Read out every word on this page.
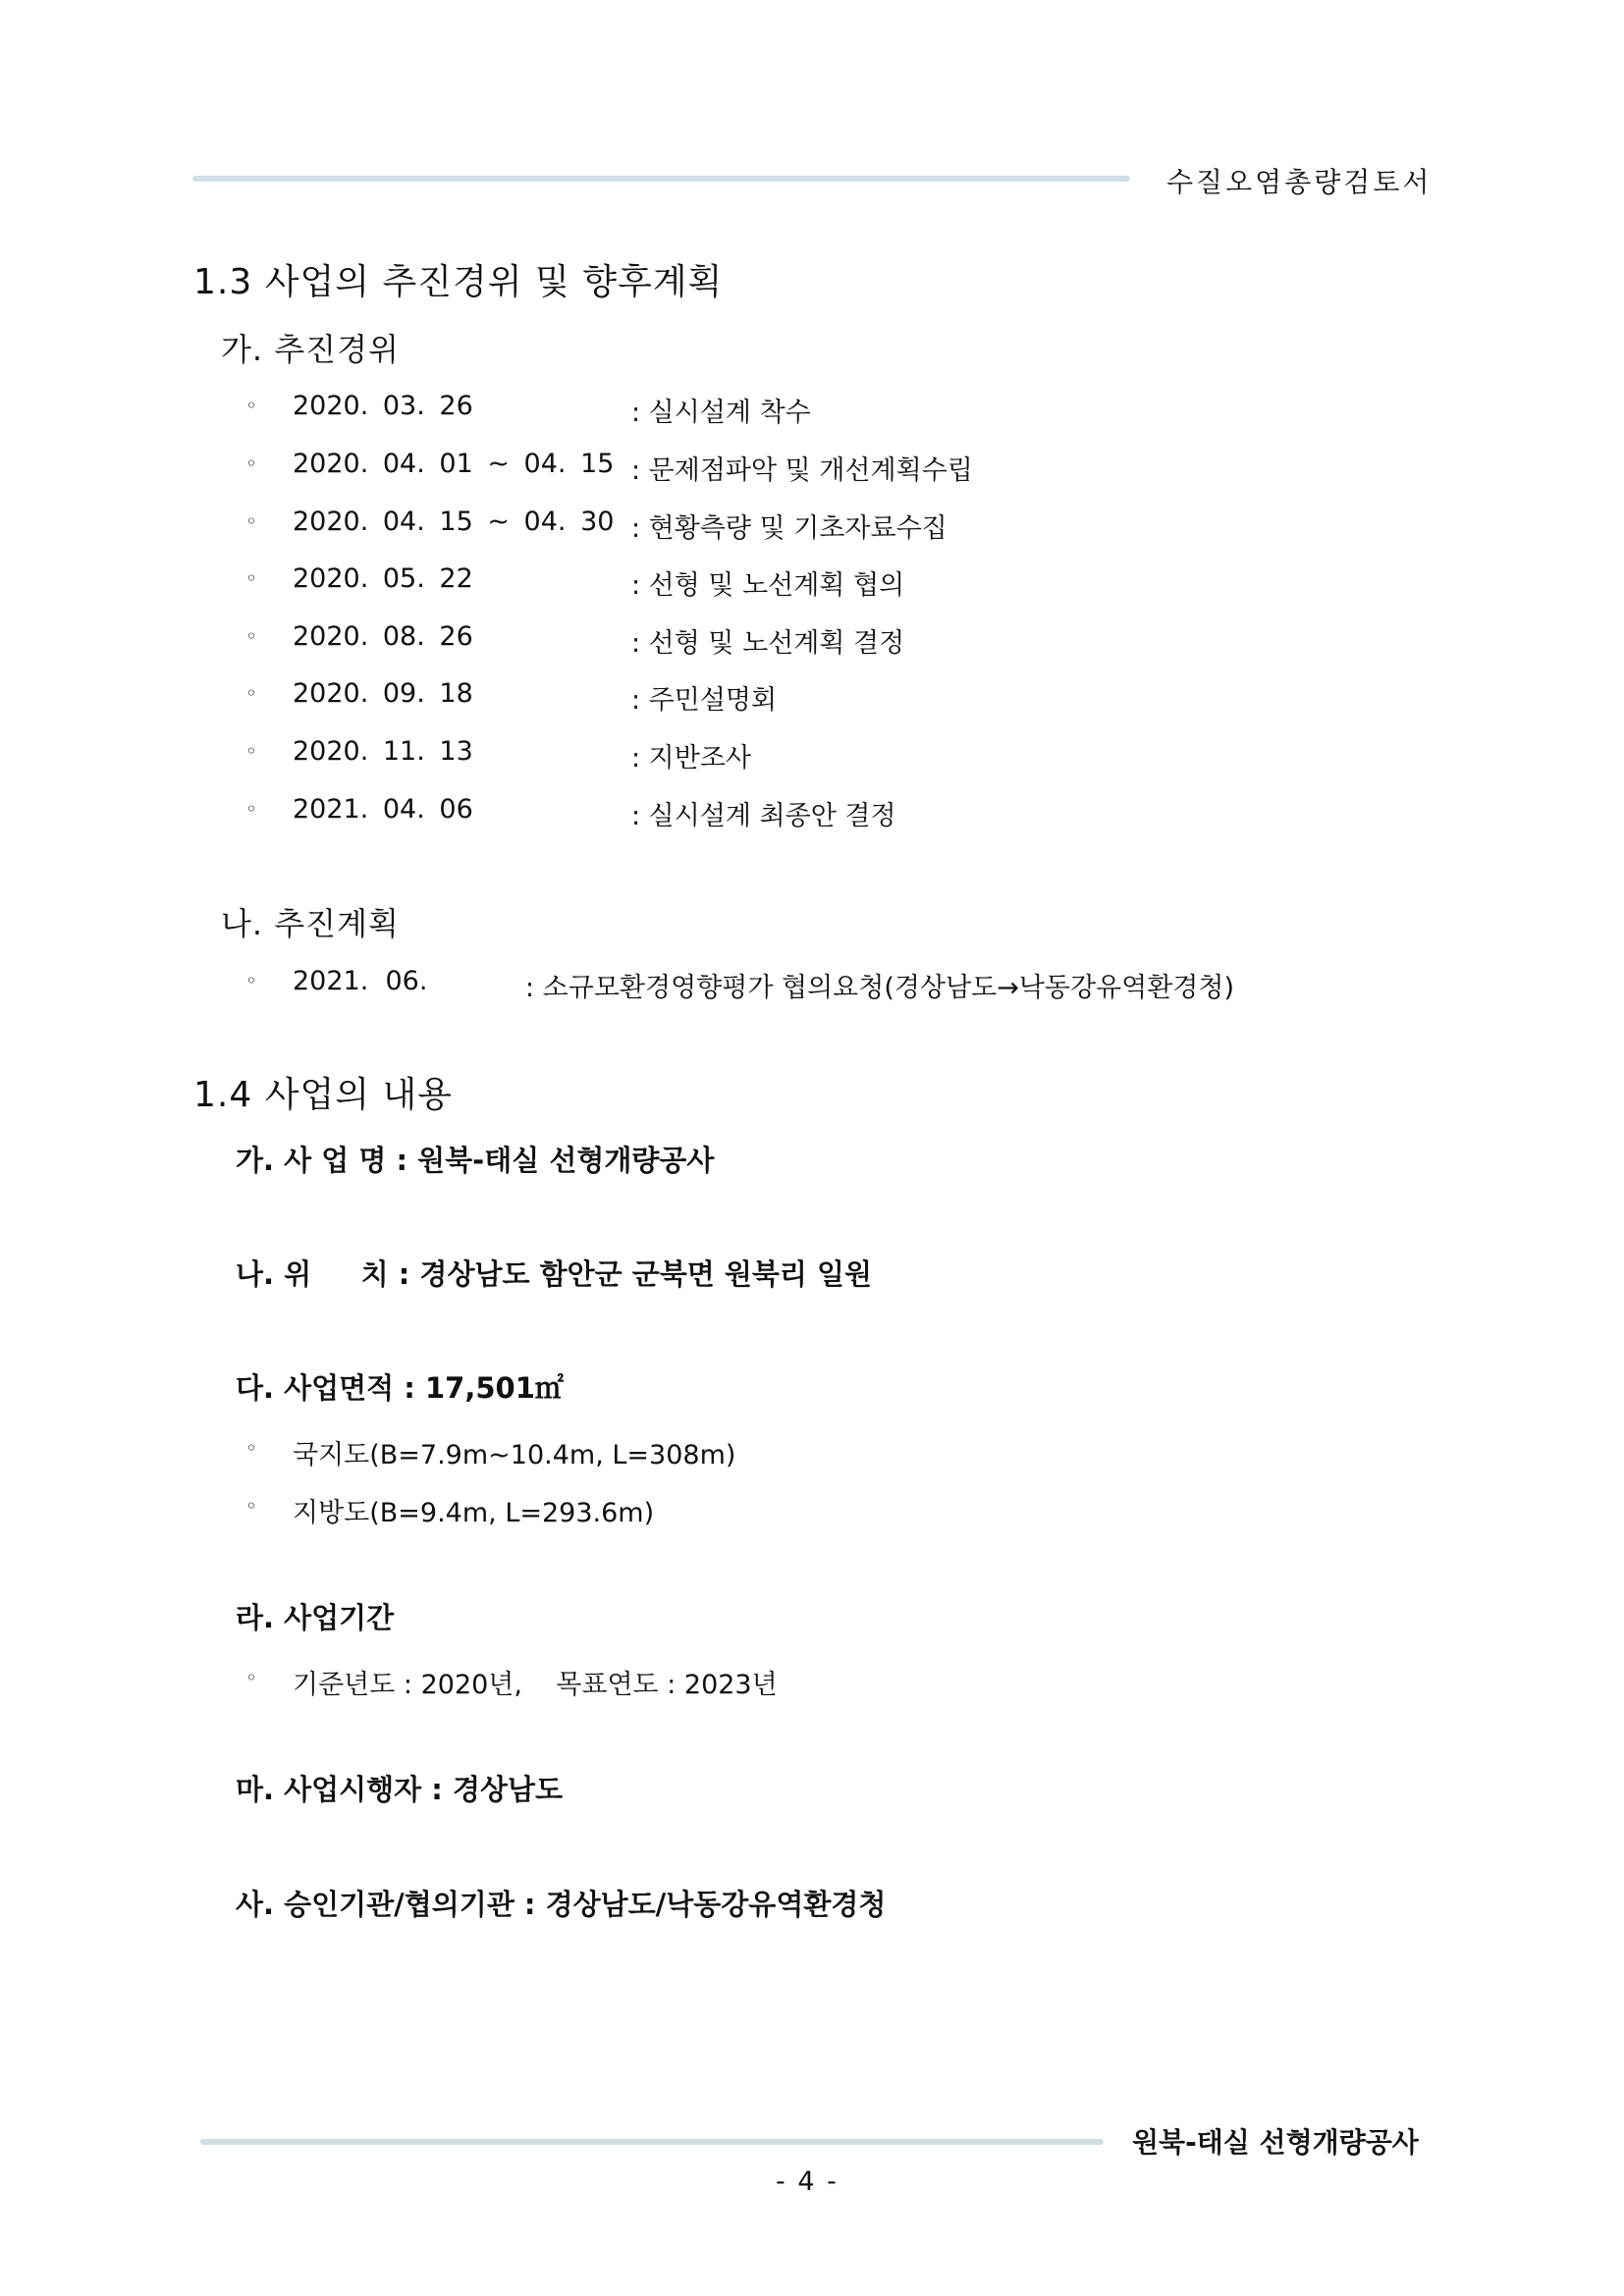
수질오염총량검토서
1.3 사업의 추진경위 및 향후계획
가. 추진경위
◦ 2020. 03. 26	: 실시설계 착수
◦ 2020. 04. 01 ~ 04. 15 : 문제점파악 및 개선계획수립
◦ 2020. 04. 15 ~ 04. 30 : 현황측량 및 기초자료수집
◦ 2020. 05. 22	: 선형 및 노선계획 협의
◦ 2020. 08. 26	: 선형 및 노선계획 결정
◦ 2020. 09. 18	: 주민설명회
◦ 2020. 11. 13	: 지반조사
◦ 2021. 04. 06	: 실시설계 최종안 결정
나. 추진계획
◦ 2021.  06.	: 소규모환경영향평가 협의요청(경상남도→낙동강유역환경청)
1.4 사업의 내용
가. 사 업 명 : 원북-태실 선형개량공사
나. 위     치 : 경상남도 함안군 군북면 원북리 일원
다. 사업면적 : 17,501㎡
◦ 국지도(B=7.9m~10.4m, L=308m)
◦ 지방도(B=9.4m, L=293.6m)
라. 사업기간
◦ 기준년도 : 2020년,    목표연도 : 2023년
마. 사업시행자 : 경상남도
사. 승인기관/협의기관 : 경상남도/낙동강유역환경청
원북-태실 선형개량공사
- 4 -
